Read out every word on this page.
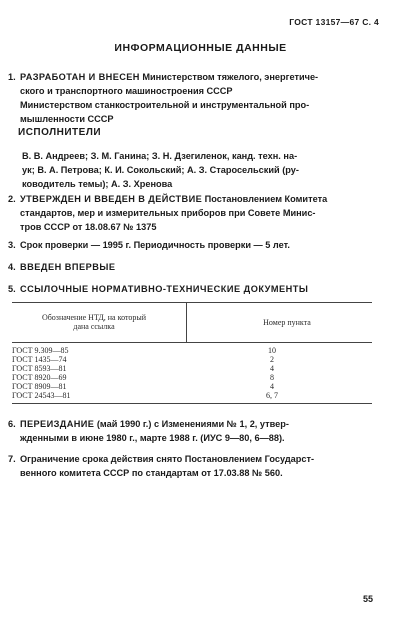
ГОСТ 13157—67 С. 4
ИНФОРМАЦИОННЫЕ ДАННЫЕ
1. РАЗРАБОТАН И ВНЕСЕН Министерством тяжелого, энергетиче-
ского и транспортного машиностроения СССР
Министерством станкостроительной и инструментальной про-
мышленности СССР
ИСПОЛНИТЕЛИ
В. В. Андреев; З. М. Ганина; З. Н. Дзегиленок, канд. техн. на-
ук; В. А. Петрова; К. И. Сокольский; А. З. Старосельский (ру-
ководитель темы); А. З. Хренова
2. УТВЕРЖДЕН И ВВЕДЕН В ДЕЙСТВИЕ Постановлением Комитета
стандартов, мер и измерительных приборов при Совете Минис-
тров СССР от 18.08.67 № 1375
3. Срок проверки — 1995 г. Периодичность проверки — 5 лет.
4. ВВЕДЕН ВПЕРВЫЕ
5. ССЫЛОЧНЫЕ НОРМАТИВНО-ТЕХНИЧЕСКИЕ ДОКУМЕНТЫ
Обозначение НТД, на который
дана ссылка	Номер пункта
ГОСТ 9.309—85	10
ГОСТ 1435—74	2
ГОСТ 8593—81	4
ГОСТ 8920—69	8
ГОСТ 8909—81	4
ГОСТ 24543—81	6, 7
6. ПЕРЕИЗДАНИЕ (май 1990 г.) с Изменениями № 1, 2, утвер-
жденными в июне 1980 г., марте 1988 г. (ИУС 9—80, 6—88).
7. Ограничение срока действия снято Постановлением Государст-
венного комитета СССР по стандартам от 17.03.88 № 560.
55
